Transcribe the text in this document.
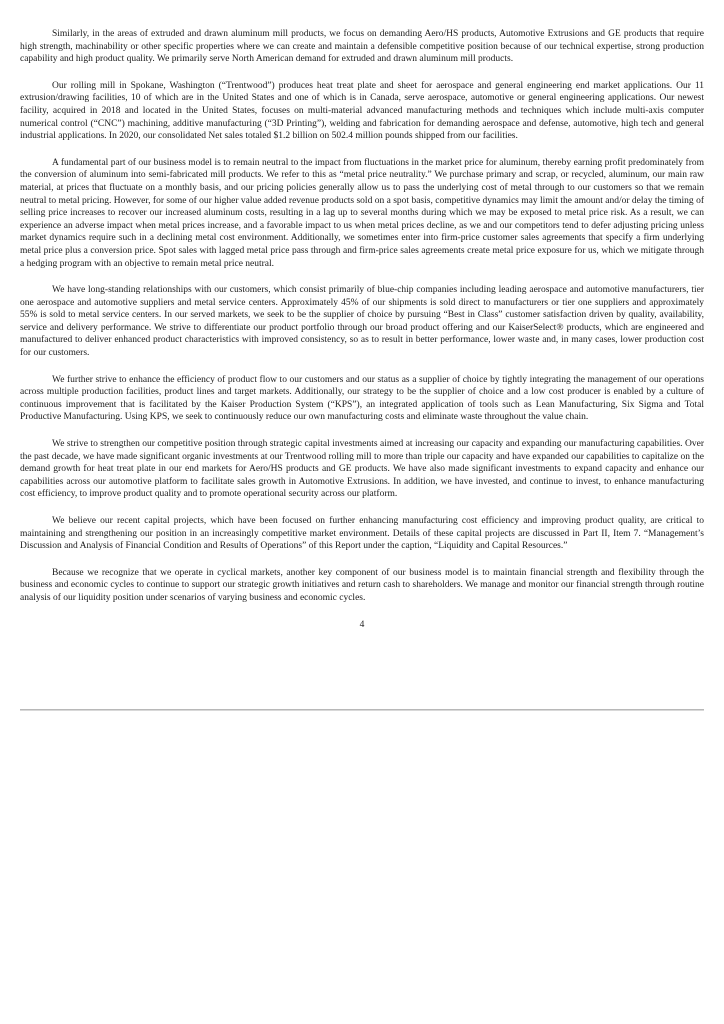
Similarly, in the areas of extruded and drawn aluminum mill products, we focus on demanding Aero/HS products, Automotive Extrusions and GE products that require high strength, machinability or other specific properties where we can create and maintain a defensible competitive position because of our technical expertise, strong production capability and high product quality. We primarily serve North American demand for extruded and drawn aluminum mill products.

Our rolling mill in Spokane, Washington (“Trentwood”) produces heat treat plate and sheet for aerospace and general engineering end market applications. Our 11 extrusion/drawing facilities, 10 of which are in the United States and one of which is in Canada, serve aerospace, automotive or general engineering applications. Our newest facility, acquired in 2018 and located in the United States, focuses on multi-material advanced manufacturing methods and techniques which include multi-axis computer numerical control (“CNC”) machining, additive manufacturing (“3D Printing”), welding and fabrication for demanding aerospace and defense, automotive, high tech and general industrial applications. In 2020, our consolidated Net sales totaled $1.2 billion on 502.4 million pounds shipped from our facilities.

A fundamental part of our business model is to remain neutral to the impact from fluctuations in the market price for aluminum, thereby earning profit predominately from the conversion of aluminum into semi-fabricated mill products. We refer to this as “metal price neutrality.” We purchase primary and scrap, or recycled, aluminum, our main raw material, at prices that fluctuate on a monthly basis, and our pricing policies generally allow us to pass the underlying cost of metal through to our customers so that we remain neutral to metal pricing. However, for some of our higher value added revenue products sold on a spot basis, competitive dynamics may limit the amount and/or delay the timing of selling price increases to recover our increased aluminum costs, resulting in a lag up to several months during which we may be exposed to metal price risk. As a result, we can experience an adverse impact when metal prices increase, and a favorable impact to us when metal prices decline, as we and our competitors tend to defer adjusting pricing unless market dynamics require such in a declining metal cost environment. Additionally, we sometimes enter into firm-price customer sales agreements that specify a firm underlying metal price plus a conversion price. Spot sales with lagged metal price pass through and firm-price sales agreements create metal price exposure for us, which we mitigate through a hedging program with an objective to remain metal price neutral.

We have long-standing relationships with our customers, which consist primarily of blue-chip companies including leading aerospace and automotive manufacturers, tier one aerospace and automotive suppliers and metal service centers. Approximately 45% of our shipments is sold direct to manufacturers or tier one suppliers and approximately 55% is sold to metal service centers. In our served markets, we seek to be the supplier of choice by pursuing “Best in Class” customer satisfaction driven by quality, availability, service and delivery performance. We strive to differentiate our product portfolio through our broad product offering and our KaiserSelect® products, which are engineered and manufactured to deliver enhanced product characteristics with improved consistency, so as to result in better performance, lower waste and, in many cases, lower production cost for our customers.

We further strive to enhance the efficiency of product flow to our customers and our status as a supplier of choice by tightly integrating the management of our operations across multiple production facilities, product lines and target markets. Additionally, our strategy to be the supplier of choice and a low cost producer is enabled by a culture of continuous improvement that is facilitated by the Kaiser Production System (“KPS”), an integrated application of tools such as Lean Manufacturing, Six Sigma and Total Productive Manufacturing. Using KPS, we seek to continuously reduce our own manufacturing costs and eliminate waste throughout the value chain.

We strive to strengthen our competitive position through strategic capital investments aimed at increasing our capacity and expanding our manufacturing capabilities. Over the past decade, we have made significant organic investments at our Trentwood rolling mill to more than triple our capacity and have expanded our capabilities to capitalize on the demand growth for heat treat plate in our end markets for Aero/HS products and GE products. We have also made significant investments to expand capacity and enhance our capabilities across our automotive platform to facilitate sales growth in Automotive Extrusions. In addition, we have invested, and continue to invest, to enhance manufacturing cost efficiency, to improve product quality and to promote operational security across our platform.

We believe our recent capital projects, which have been focused on further enhancing manufacturing cost efficiency and improving product quality, are critical to maintaining and strengthening our position in an increasingly competitive market environment. Details of these capital projects are discussed in Part II, Item 7. “Management’s Discussion and Analysis of Financial Condition and Results of Operations” of this Report under the caption, “Liquidity and Capital Resources.”

Because we recognize that we operate in cyclical markets, another key component of our business model is to maintain financial strength and flexibility through the business and economic cycles to continue to support our strategic growth initiatives and return cash to shareholders. We manage and monitor our financial strength through routine analysis of our liquidity position under scenarios of varying business and economic cycles.

4
